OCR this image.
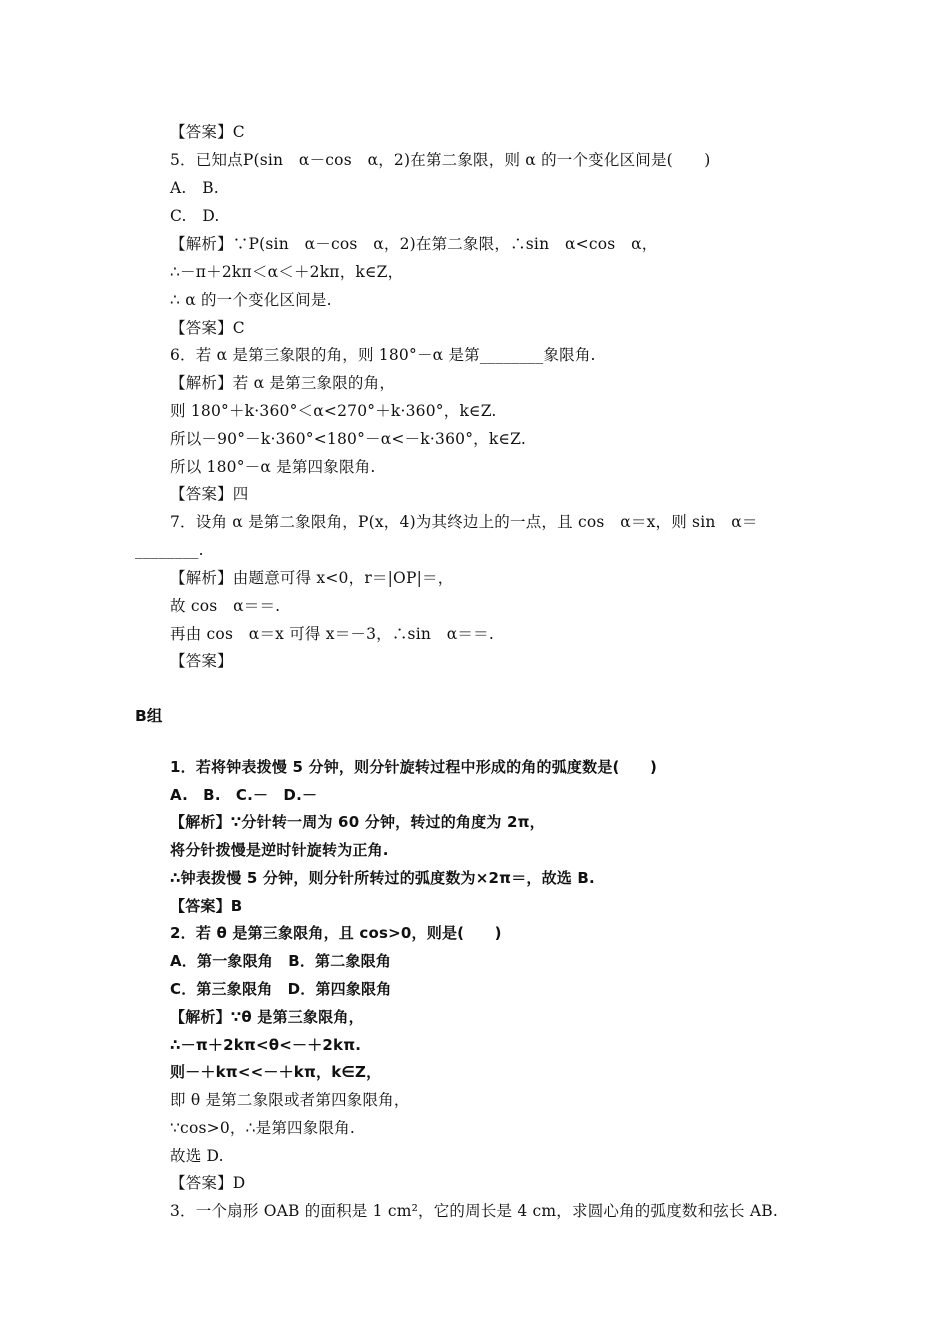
【答案】C
5．已知点P(sin　α－cos　α，2)在第二象限，则 α 的一个变化区间是(　　)
A.　B.
C.　D.
【解析】∵P(sin　α－cos　α，2)在第二象限，∴sin　α<cos　α，
∴－π＋2kπ＜α＜＋2kπ，k∈Z，
∴ α 的一个变化区间是.
【答案】C
6．若 α 是第三象限的角，则 180°－α 是第________象限角.
【解析】若 α 是第三象限的角，
则 180°＋k·360°＜α<270°＋k·360°，k∈Z.
所以－90°－k·360°<180°－α<－k·360°，k∈Z.
所以 180°－α 是第四象限角.
【答案】四
7．设角 α 是第二象限角，P(x，4)为其终边上的一点，且 cos　α＝x，则 sin　α＝
________.
【解析】由题意可得 x<0，r＝|OP|＝，
故 cos　α＝＝.
再由 cos　α＝x 可得 x＝－3，∴sin　α＝＝.
【答案】
B组
1．若将钟表拨慢 5 分钟，则分针旋转过程中形成的角的弧度数是(　　)
A.　B.　C.－　D.－
【解析】∵分针转一周为 60 分钟，转过的角度为 2π，
将分针拨慢是逆时针旋转为正角.
∴钟表拨慢 5 分钟，则分针所转过的弧度数为×2π＝，故选 B.
【答案】B
2．若 θ 是第三象限角，且 cos>0，则是(　　)
A．第一象限角　B．第二象限角
C．第三象限角　D．第四象限角
【解析】∵θ 是第三象限角，
∴－π＋2kπ<θ<－＋2kπ.
则－＋kπ<<－＋kπ，k∈Z，
即 θ 是第二象限或者第四象限角，
∵cos>0，∴是第四象限角.
故选 D.
【答案】D
3．一个扇形 OAB 的面积是 1 cm²，它的周长是 4 cm，求圆心角的弧度数和弦长 AB.
